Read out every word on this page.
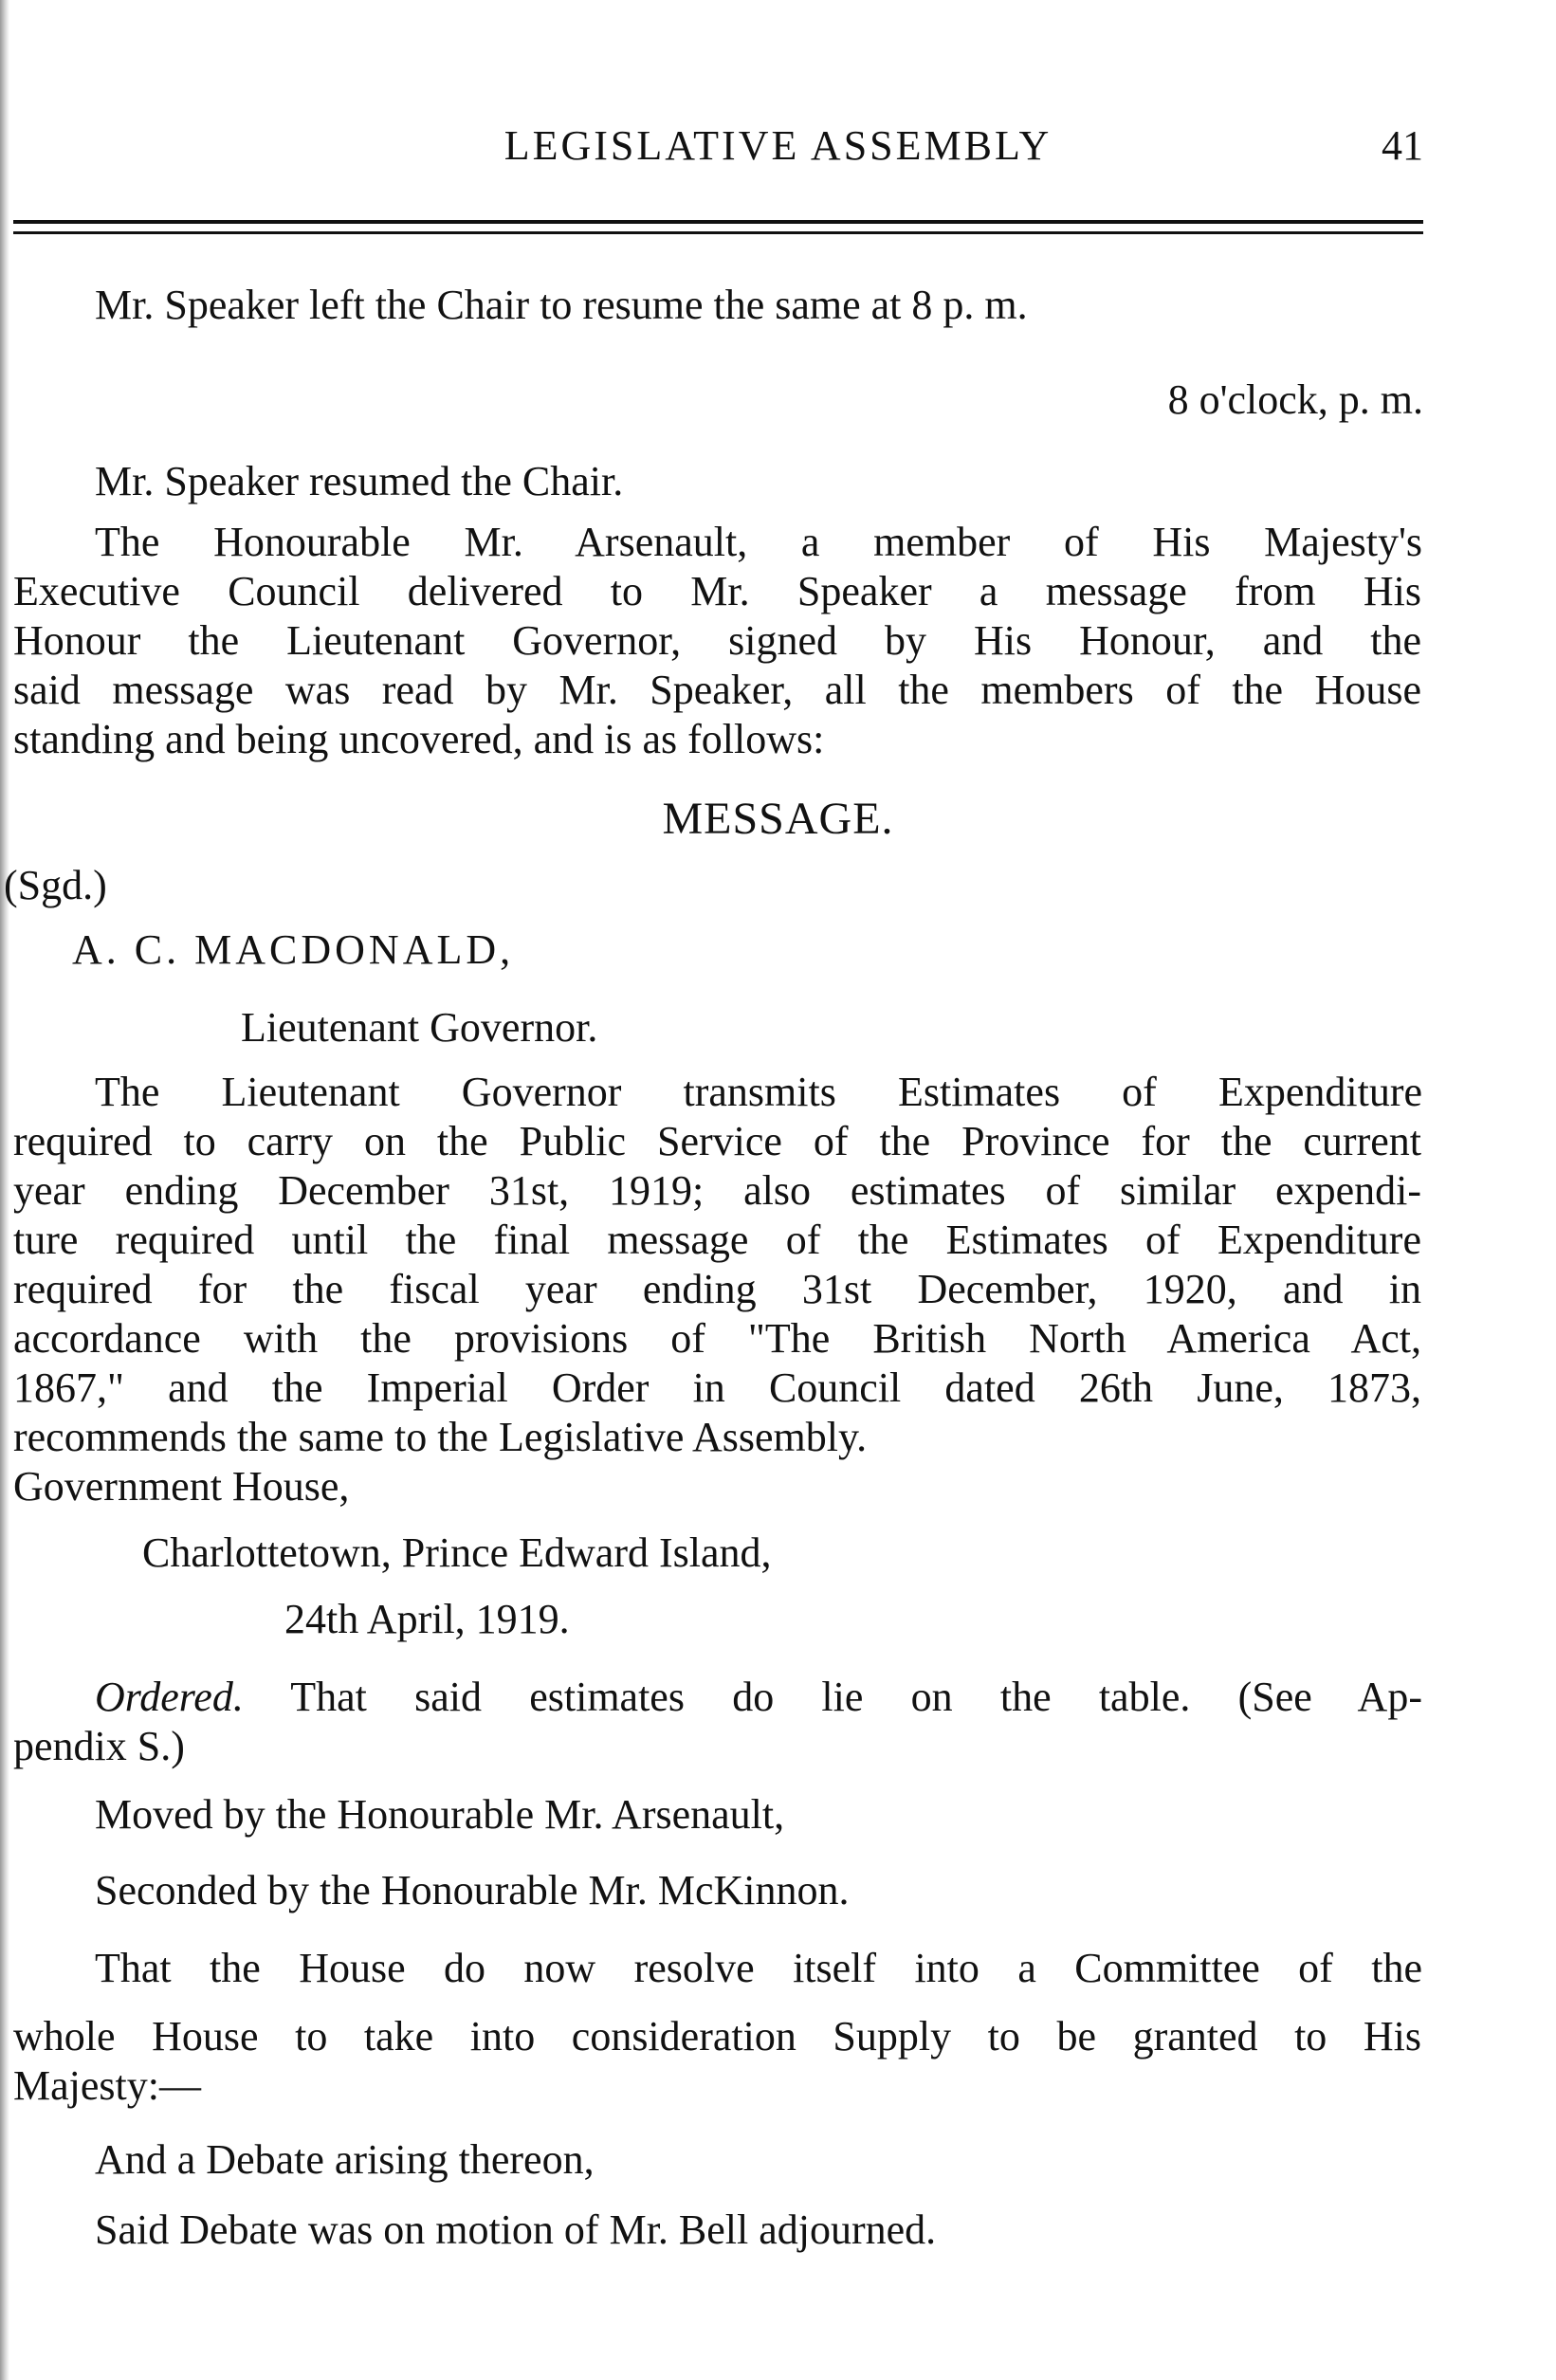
LEGISLATIVE ASSEMBLY	41
Mr. Speaker left the Chair to resume the same at 8 p. m.
8 o'clock, p. m.
Mr. Speaker resumed the Chair.
The Honourable Mr. Arsenault, a member of His Majesty's
Executive Council delivered to Mr. Speaker a message from His
Honour the Lieutenant Governor, signed by His Honour, and the
said message was read by Mr. Speaker, all the members of the House
standing and being uncovered, and is as follows:
MESSAGE.
(Sgd.)
A. C. MACDONALD,
Lieutenant Governor.
The Lieutenant Governor transmits Estimates of Expenditure
required to carry on the Public Service of the Province for the current
year ending December 31st, 1919; also estimates of similar expendi-
ture required until the final message of the Estimates of Expenditure
required for the fiscal year ending 31st December, 1920, and in
accordance with the provisions of "The British North America Act,
1867," and the Imperial Order in Council dated 26th June, 1873,
recommends the same to the Legislative Assembly.
Government House,
Charlottetown, Prince Edward Island,
24th April, 1919.
Ordered. That said estimates do lie on the table. (See Ap-
pendix S.)
Moved by the Honourable Mr. Arsenault,
Seconded by the Honourable Mr. McKinnon.
That the House do now resolve itself into a Committee of the
whole House to take into consideration Supply to be granted to His
Majesty:—
And a Debate arising thereon,
Said Debate was on motion of Mr. Bell adjourned.
